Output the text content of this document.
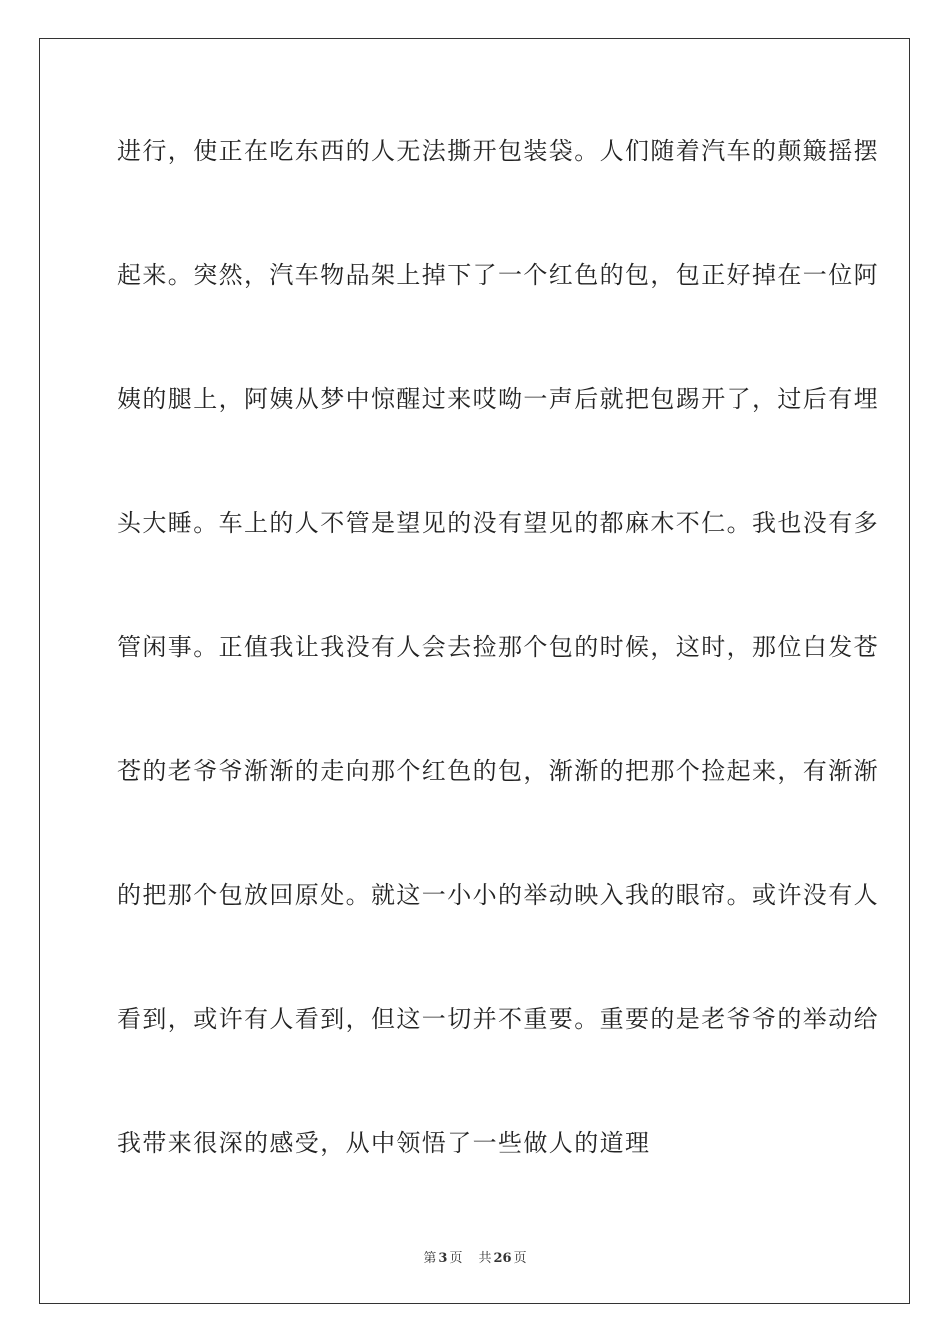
进行，使正在吃东西的人无法撕开包装袋。人们随着汽车的颠簸摇摆
起来。突然，汽车物品架上掉下了一个红色的包，包正好掉在一位阿
姨的腿上，阿姨从梦中惊醒过来哎呦一声后就把包踢开了，过后有埋
头大睡。车上的人不管是望见的没有望见的都麻木不仁。我也没有多
管闲事。正值我让我没有人会去捡那个包的时候，这时，那位白发苍
苍的老爷爷渐渐的走向那个红色的包，渐渐的把那个捡起来，有渐渐
的把那个包放回原处。就这一小小的举动映入我的眼帘。或许没有人
看到，或许有人看到，但这一切并不重要。重要的是老爷爷的举动给
我带来很深的感受，从中领悟了一些做人的道理
第 3 页 共 26 页
